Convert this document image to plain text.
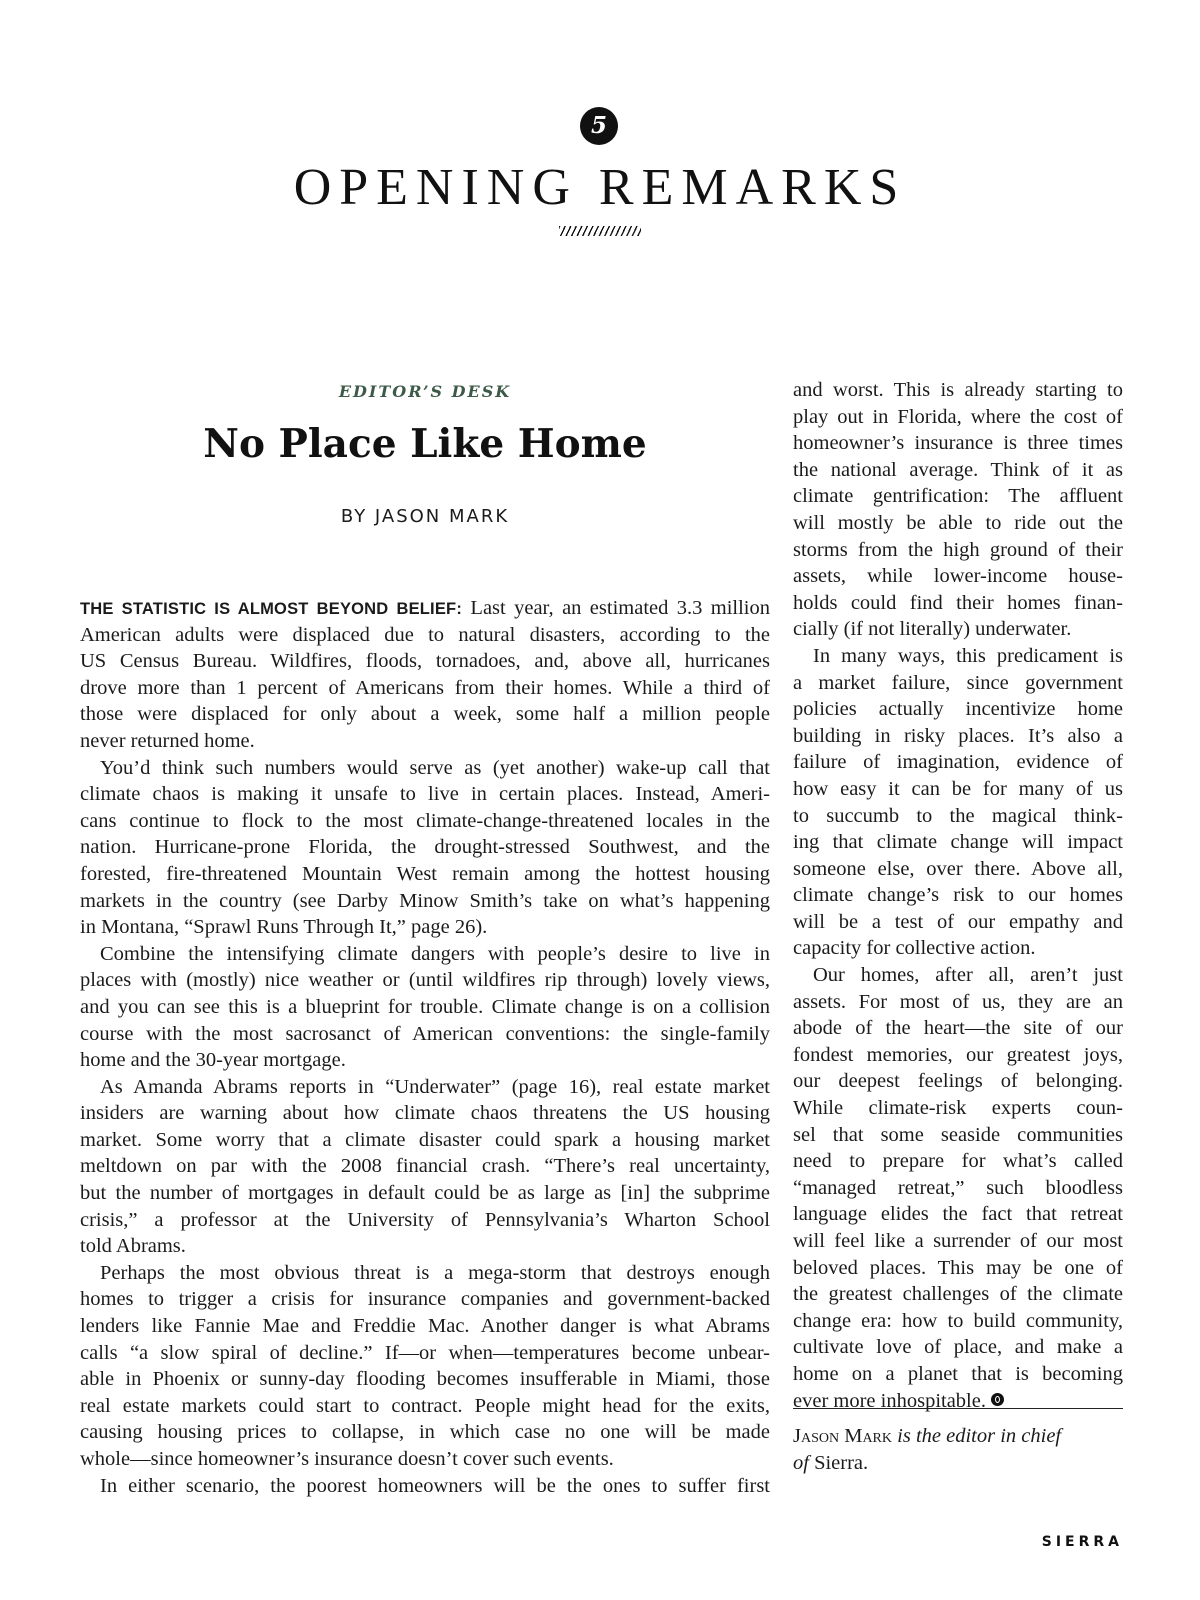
5
OPENING REMARKS
EDITOR’S DESK
No Place Like Home
BY JASON MARK
THE STATISTIC IS ALMOST BEYOND BELIEF: Last year, an estimated 3.3 million
American adults were displaced due to natural disasters, according to the
US Census Bureau. Wildfires, floods, tornadoes, and, above all, hurricanes
drove more than 1 percent of Americans from their homes. While a third of
those were displaced for only about a week, some half a million people
never returned home.
You’d think such numbers would serve as (yet another) wake-up call that
climate chaos is making it unsafe to live in certain places. Instead, Ameri-
cans continue to flock to the most climate-change-threatened locales in the
nation. Hurricane-prone Florida, the drought-stressed Southwest, and the
forested, fire-threatened Mountain West remain among the hottest housing
markets in the country (see Darby Minow Smith’s take on what’s happening
in Montana, “Sprawl Runs Through It,” page 26).
Combine the intensifying climate dangers with people’s desire to live in
places with (mostly) nice weather or (until wildfires rip through) lovely views,
and you can see this is a blueprint for trouble. Climate change is on a collision
course with the most sacrosanct of American conventions: the single-family
home and the 30-year mortgage.
As Amanda Abrams reports in “Underwater” (page 16), real estate market
insiders are warning about how climate chaos threatens the US housing
market. Some worry that a climate disaster could spark a housing market
meltdown on par with the 2008 financial crash. “There’s real uncertainty,
but the number of mortgages in default could be as large as [in] the subprime
crisis,” a professor at the University of Pennsylvania’s Wharton School
told Abrams.
Perhaps the most obvious threat is a mega-storm that destroys enough
homes to trigger a crisis for insurance companies and government-backed
lenders like Fannie Mae and Freddie Mac. Another danger is what Abrams
calls “a slow spiral of decline.” If—or when—temperatures become unbear-
able in Phoenix or sunny-day flooding becomes insufferable in Miami, those
real estate markets could start to contract. People might head for the exits,
causing housing prices to collapse, in which case no one will be made
whole—since homeowner’s insurance doesn’t cover such events.
In either scenario, the poorest homeowners will be the ones to suffer first
and worst. This is already starting to
play out in Florida, where the cost of
homeowner’s insurance is three times
the national average. Think of it as
climate gentrification: The affluent
will mostly be able to ride out the
storms from the high ground of their
assets, while lower-income house-
holds could find their homes finan-
cially (if not literally) underwater.
In many ways, this predicament is
a market failure, since government
policies actually incentivize home
building in risky places. It’s also a
failure of imagination, evidence of
how easy it can be for many of us
to succumb to the magical think-
ing that climate change will impact
someone else, over there. Above all,
climate change’s risk to our homes
will be a test of our empathy and
capacity for collective action.
Our homes, after all, aren’t just
assets. For most of us, they are an
abode of the heart—the site of our
fondest memories, our greatest joys,
our deepest feelings of belonging.
While climate-risk experts coun-
sel that some seaside communities
need to prepare for what’s called
“managed retreat,” such bloodless
language elides the fact that retreat
will feel like a surrender of our most
beloved places. This may be one of
the greatest challenges of the climate
change era: how to build community,
cultivate love of place, and make a
home on a planet that is becoming
ever more inhospitable.
Jason Mark is the editor in chief
of Sierra.
SIERRA
